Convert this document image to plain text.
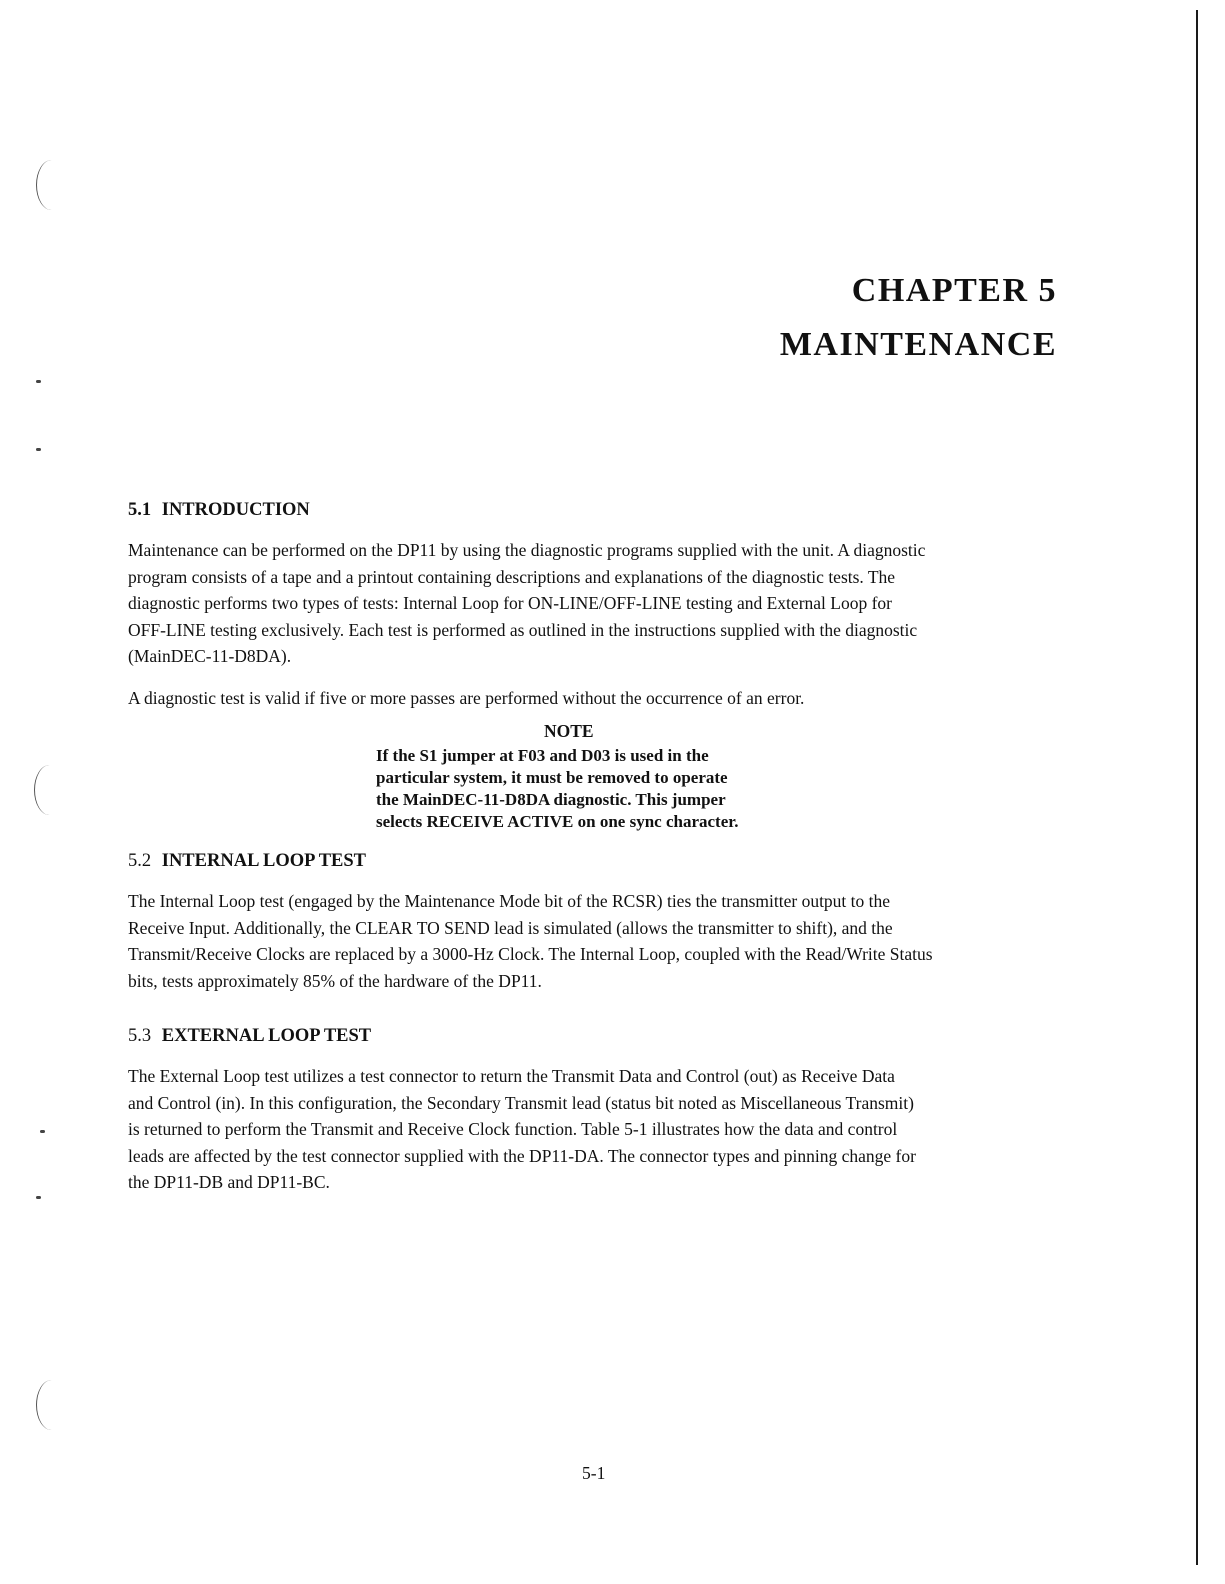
CHAPTER 5
MAINTENANCE
5.1 INTRODUCTION
Maintenance can be performed on the DP11 by using the diagnostic programs supplied with the unit. A diagnostic
program consists of a tape and a printout containing descriptions and explanations of the diagnostic tests. The
diagnostic performs two types of tests: Internal Loop for ON-LINE/OFF-LINE testing and External Loop for
OFF-LINE testing exclusively. Each test is performed as outlined in the instructions supplied with the diagnostic
(MainDEC-11-D8DA).
A diagnostic test is valid if five or more passes are performed without the occurrence of an error.
NOTE
If the S1 jumper at F03 and D03 is used in the
particular system, it must be removed to operate
the MainDEC-11-D8DA diagnostic. This jumper
selects RECEIVE ACTIVE on one sync character.
5.2 INTERNAL LOOP TEST
The Internal Loop test (engaged by the Maintenance Mode bit of the RCSR) ties the transmitter output to the
Receive Input. Additionally, the CLEAR TO SEND lead is simulated (allows the transmitter to shift), and the
Transmit/Receive Clocks are replaced by a 3000-Hz Clock. The Internal Loop, coupled with the Read/Write Status
bits, tests approximately 85% of the hardware of the DP11.
5.3 EXTERNAL LOOP TEST
The External Loop test utilizes a test connector to return the Transmit Data and Control (out) as Receive Data
and Control (in). In this configuration, the Secondary Transmit lead (status bit noted as Miscellaneous Transmit)
is returned to perform the Transmit and Receive Clock function. Table 5-1 illustrates how the data and control
leads are affected by the test connector supplied with the DP11-DA. The connector types and pinning change for
the DP11-DB and DP11-BC.
5-1
